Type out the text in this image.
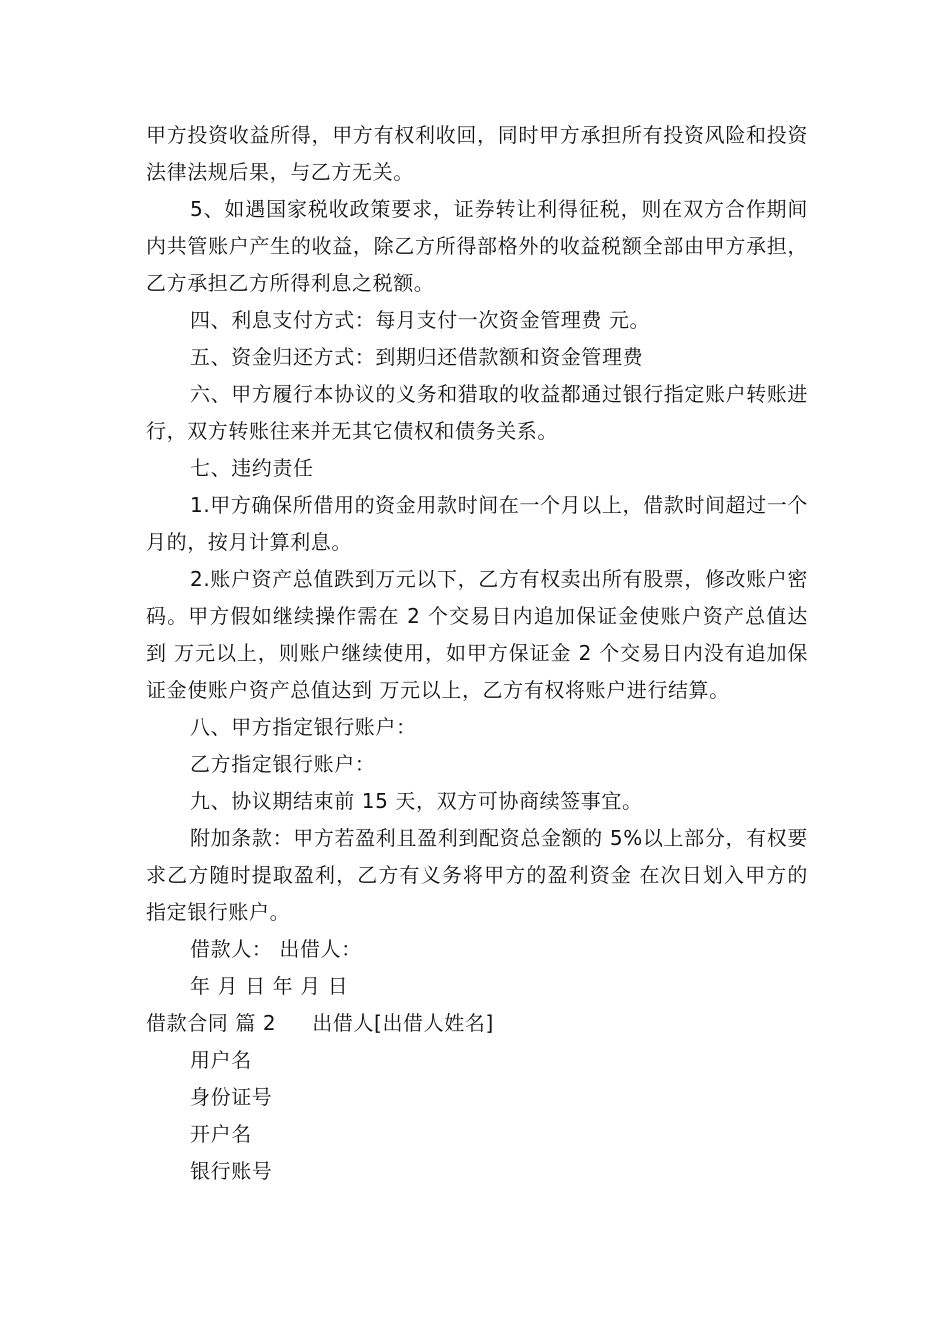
甲方投资收益所得，甲方有权利收回，同时甲方承担所有投资风险和投资法律法规后果，与乙方无关。

5、如遇国家税收政策要求，证券转让利得征税，则在双方合作期间内共管账户产生的收益，除乙方所得部格外的收益税额全部由甲方承担，乙方承担乙方所得利息之税额。

四、利息支付方式：每月支付一次资金管理费 元。

五、资金归还方式：到期归还借款额和资金管理费

六、甲方履行本协议的义务和猎取的收益都通过银行指定账户转账进行，双方转账往来并无其它债权和债务关系。

七、违约责任

1.甲方确保所借用的资金用款时间在一个月以上，借款时间超过一个月的，按月计算利息。

2.账户资产总值跌到万元以下，乙方有权卖出所有股票，修改账户密码。甲方假如继续操作需在 2 个交易日内追加保证金使账户资产总值达到 万元以上，则账户继续使用，如甲方保证金 2 个交易日内没有追加保证金使账户资产总值达到 万元以上，乙方有权将账户进行结算。

八、甲方指定银行账户：

乙方指定银行账户：

九、协议期结束前 15 天，双方可协商续签事宜。

附加条款：甲方若盈利且盈利到配资总金额的 5%以上部分，有权要求乙方随时提取盈利，乙方有义务将甲方的盈利资金 在次日划入甲方的指定银行账户。

借款人： 出借人：

年 月 日 年 月 日

借款合同 篇 2 出借人[出借人姓名]

用户名

身份证号

开户名

银行账号
